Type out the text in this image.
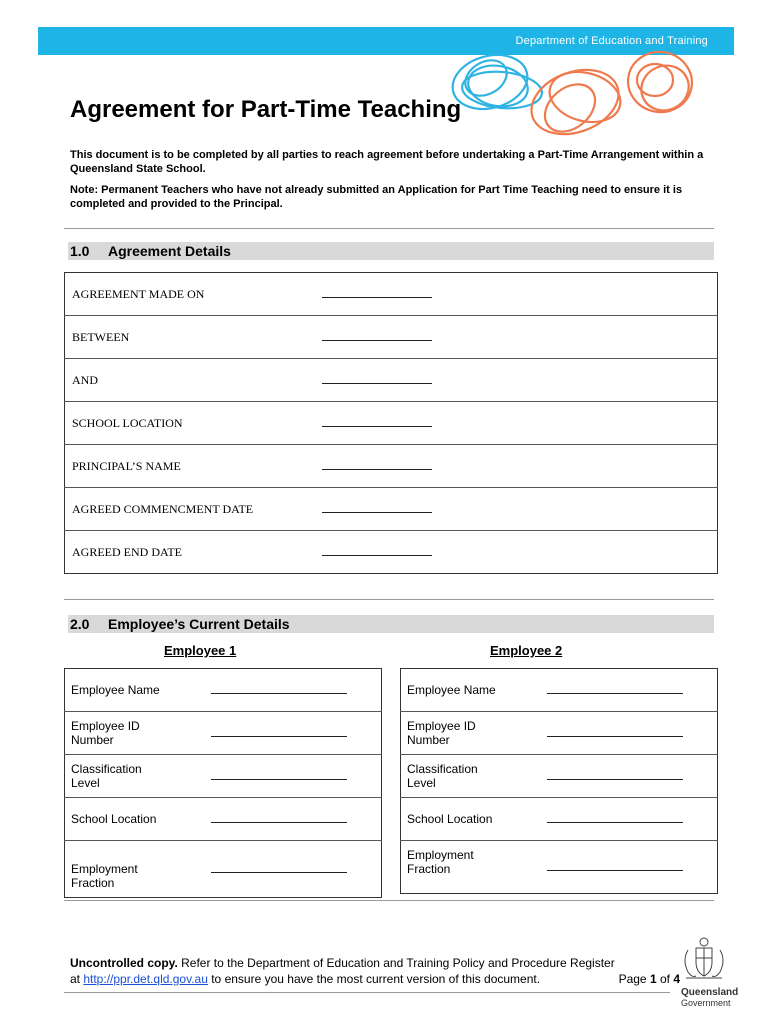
Department of Education and Training
Agreement for Part-Time Teaching

This document is to be completed by all parties to reach agreement before undertaking a Part-Time Arrangement within a Queensland State School.

Note: Permanent Teachers who have not already submitted an Application for Part Time Teaching need to ensure it is completed and provided to the Principal.

1.0 Agreement Details
AGREEMENT MADE ON	
BETWEEN	
AND	
SCHOOL LOCATION	
PRINCIPAL’S NAME	
AGREED COMMENCMENT DATE	
AGREED END DATE	
2.0 Employee’s Current Details
Employee 1	Employee 2
Employee Name	
Employee ID
Number	
Classification
Level	
School Location	
Employment
Fraction	
Employee Name	
Employee ID
Number	
Classification
Level	
School Location	
Employment
Fraction	
Uncontrolled copy. Refer to the Department of Education and Training Policy and Procedure Register
at http://ppr.det.qld.gov.au to ensure you have the most current version of this document.	Page 1 of 4
Queensland
Government
